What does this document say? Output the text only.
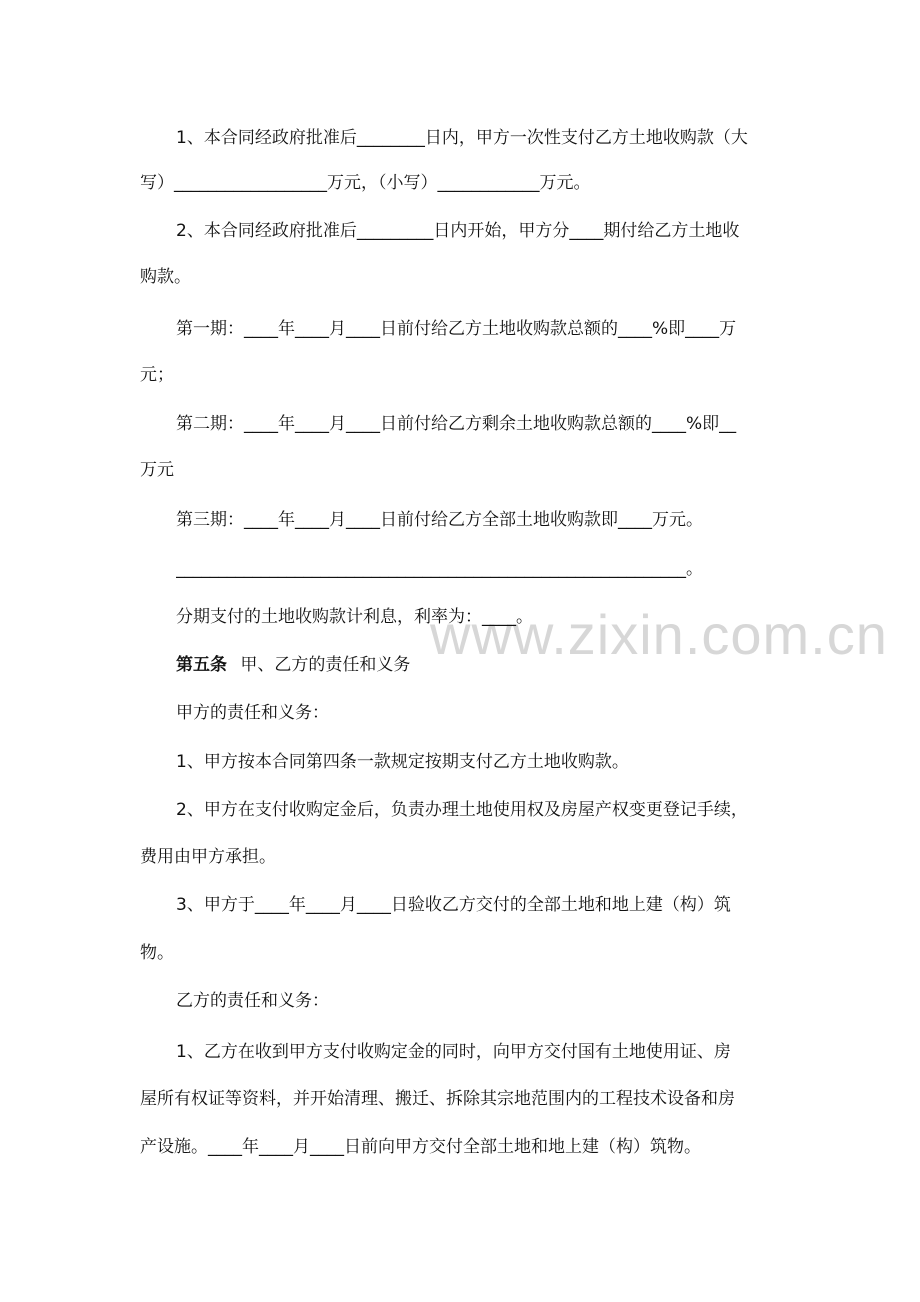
www.zixin.com.cn
1、本合同经政府批准后________日内，甲方一次性支付乙方土地收购款（大
写）__________________万元，（小写）____________万元。
2、本合同经政府批准后_________日内开始，甲方分____期付给乙方土地收
购款。
第一期：____年____月____日前付给乙方土地收购款总额的____%即____万
元；
第二期：____年____月____日前付给乙方剩余土地收购款总额的____%即__
万元
第三期：____年____月____日前付给乙方全部土地收购款即____万元。
____________________________________________________________。
分期支付的土地收购款计利息，利率为：____。
第五条 甲、乙方的责任和义务
甲方的责任和义务：
1、甲方按本合同第四条一款规定按期支付乙方土地收购款。
2、甲方在支付收购定金后，负责办理土地使用权及房屋产权变更登记手续，
费用由甲方承担。
3、甲方于____年____月____日验收乙方交付的全部土地和地上建（构）筑
物。
乙方的责任和义务：
1、乙方在收到甲方支付收购定金的同时，向甲方交付国有土地使用证、房
屋所有权证等资料，并开始清理、搬迁、拆除其宗地范围内的工程技术设备和房
产设施。____年____月____日前向甲方交付全部土地和地上建（构）筑物。
